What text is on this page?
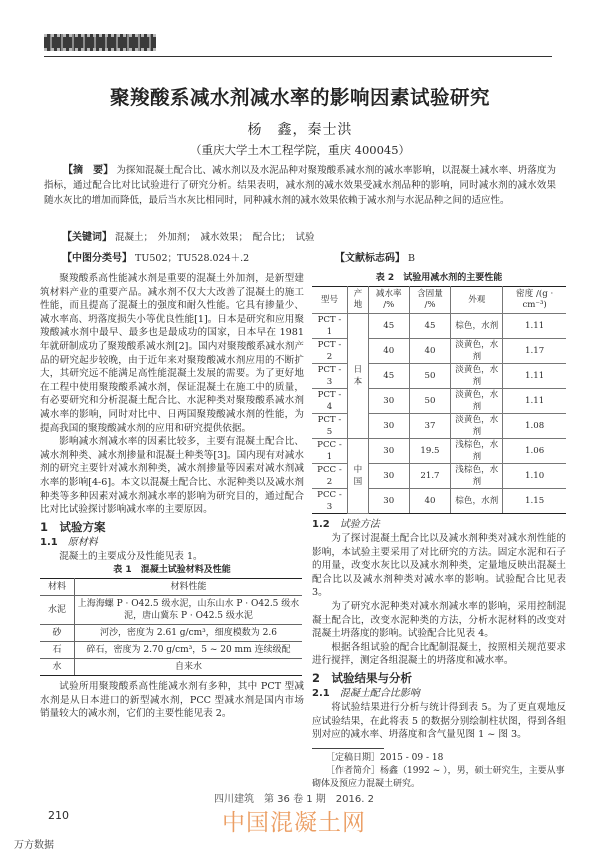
聚羧酸系减水剂减水率的影响因素试验研究
杨　鑫，秦士洪
（重庆大学土木工程学院，重庆 400045）
【摘　要】 为探知混凝土配合比、减水剂以及水泥品种对聚羧酸系减水剂的减水率影响，以混凝土减水率、坍落度为指标，通过配合比对比试验进行了研究分析。结果表明，减水剂的减水效果受减水剂品种的影响，同时减水剂的减水效果随水灰比的增加而降低，最后当水灰比相同时，同种减水剂的减水效果依赖于减水剂与水泥品种之间的适应性。
【关键词】 混凝土；　外加剂；　减水效果；　配合比；　试验
【中图分类号】 TU502；TU528.024＋.2	【文献标志码】 B

聚羧酸系高性能减水剂是重要的混凝土外加剂，是新型建筑材料产业的重要产品。减水剂不仅大大改善了混凝土的施工性能，而且提高了混凝土的强度和耐久性能。它具有掺量少、减水率高、坍落度损失小等优良性能[1]。日本是研究和应用聚羧酸减水剂中最早、最多也是最成功的国家，日本早在 1981 年就研制成功了聚羧酸系减水剂[2]。国内对聚羧酸系减水剂产品的研究起步较晚，由于近年来对聚羧酸减水剂应用的不断扩大，其研究远不能满足高性能混凝土发展的需要。为了更好地在工程中使用聚羧酸系减水剂，保证混凝土在施工中的质量，有必要研究和分析混凝土配合比、水泥种类对聚羧酸系减水剂减水率的影响，同时对比中、日两国聚羧酸减水剂的性能，为提高我国的聚羧酸减水剂的应用和研究提供依据。

影响减水剂减水率的因素比较多，主要有混凝土配合比、减水剂种类、减水剂掺量和混凝土种类等[3]。国内现有对减水剂的研究主要针对减水剂种类，减水剂掺量等因素对减水剂减水率的影响[4-6]。本文以混凝土配合比、水泥种类以及减水剂种类等多种因素对减水剂减水率的影响为研究目的，通过配合比对比试验探讨影响减水率的主要原因。

1　试验方案
1.1 原材料

混凝土的主要成分及性能见表 1。

表 1　混凝土试验材料及性能
材料	材料性能
水泥	上海海螺 P · O42.5 级水泥，山东山水 P · O42.5 级水泥，唐山冀东 P · O42.5 级水泥
砂	河沙，密度为 2.61 g/cm³，细度模数为 2.6
石	碎石，密度为 2.70 g/cm³，5 ~ 20 mm 连续级配
水	自来水

试验所用聚羧酸系高性能减水剂有多种，其中 PCT 型减水剂是从日本进口的新型减水剂，PCC 型减水剂是国内市场销量较大的减水剂，它们的主要性能见表 2。

表 2　试验用减水剂的主要性能
型号	产地	减水率 /%	含固量 /%	外观	密度 /(g · cm⁻³)
PCT - 1	日本	45	45	棕色，水剂	1.11
PCT - 2		40	40	淡黄色，水剂	1.17
PCT - 3		45	50	淡黄色，水剂	1.11
PCT - 4		30	50	淡黄色，水剂	1.11
PCT - 5		30	37	淡黄色，水剂	1.08
PCC - 1	中国	30	19.5	浅棕色，水剂	1.06
PCC - 2		30	21.7	浅棕色，水剂	1.10
PCC - 3		30	40	棕色，水剂	1.15
1.2 试验方法

为了探讨混凝土配合比以及减水剂种类对减水剂性能的影响，本试验主要采用了对比研究的方法。固定水泥和石子的用量，改变水灰比以及减水剂种类，定量地反映出混凝土配合比以及减水剂种类对减水率的影响。试验配合比见表 3。

为了研究水泥种类对减水剂减水率的影响，采用控制混凝土配合比，改变水泥种类的方法，分析水泥材料的改变对混凝土坍落度的影响。试验配合比见表 4。

根据各组试验的配合比配制混凝土，按照相关规范要求进行搅拌，测定各组混凝土的坍落度和减水率。

2　试验结果与分析
2.1 混凝土配合比影响

将试验结果进行分析与统计得到表 5。为了更直观地反应试验结果，在此将表 5 的数据分别绘制柱状图，得到各组别对应的减水率、坍落度和含气量见图 1 ~ 图 3。

［定稿日期］2015 - 09 - 18
［作者简介］杨鑫（1992 ~ ），男，硕士研究生，主要从事砌体及预应力混凝土研究。
210
四川建筑　第 36 卷 1 期　2016. 2
中国混凝土网
万方数据
